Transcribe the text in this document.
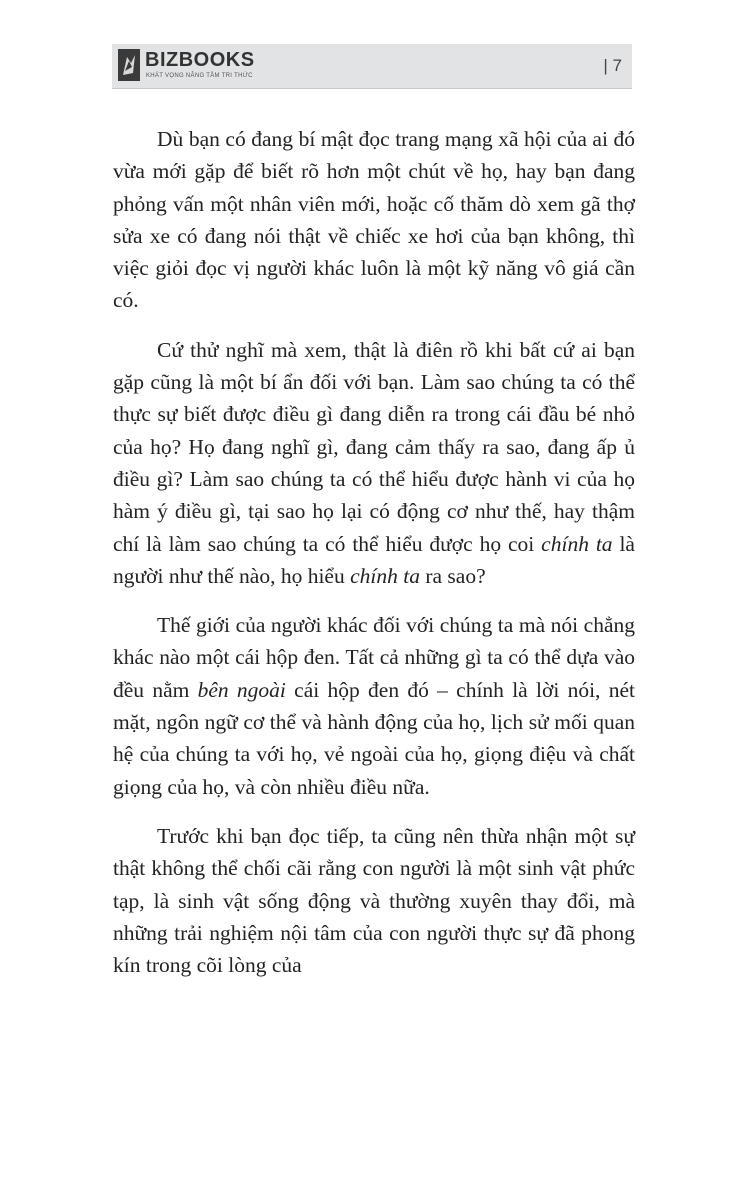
BIZBOOKS
KHÁT VỌNG NÂNG TẦM TRI THỨC
| 7

Dù bạn có đang bí mật đọc trang mạng xã hội của ai đó vừa mới gặp để biết rõ hơn một chút về họ, hay bạn đang phỏng vấn một nhân viên mới, hoặc cố thăm dò xem gã thợ sửa xe có đang nói thật về chiếc xe hơi của bạn không, thì việc giỏi đọc vị người khác luôn là một kỹ năng vô giá cần có.

Cứ thử nghĩ mà xem, thật là điên rồ khi bất cứ ai bạn gặp cũng là một bí ẩn đối với bạn. Làm sao chúng ta có thể thực sự biết được điều gì đang diễn ra trong cái đầu bé nhỏ của họ? Họ đang nghĩ gì, đang cảm thấy ra sao, đang ấp ủ điều gì? Làm sao chúng ta có thể hiểu được hành vi của họ hàm ý điều gì, tại sao họ lại có động cơ như thế, hay thậm chí là làm sao chúng ta có thể hiểu được họ coi chính ta là người như thế nào, họ hiểu chính ta ra sao?

Thế giới của người khác đối với chúng ta mà nói chẳng khác nào một cái hộp đen. Tất cả những gì ta có thể dựa vào đều nằm bên ngoài cái hộp đen đó – chính là lời nói, nét mặt, ngôn ngữ cơ thể và hành động của họ, lịch sử mối quan hệ của chúng ta với họ, vẻ ngoài của họ, giọng điệu và chất giọng của họ, và còn nhiều điều nữa.

Trước khi bạn đọc tiếp, ta cũng nên thừa nhận một sự thật không thể chối cãi rằng con người là một sinh vật phức tạp, là sinh vật sống động và thường xuyên thay đổi, mà những trải nghiệm nội tâm của con người thực sự đã phong kín trong cõi lòng của
